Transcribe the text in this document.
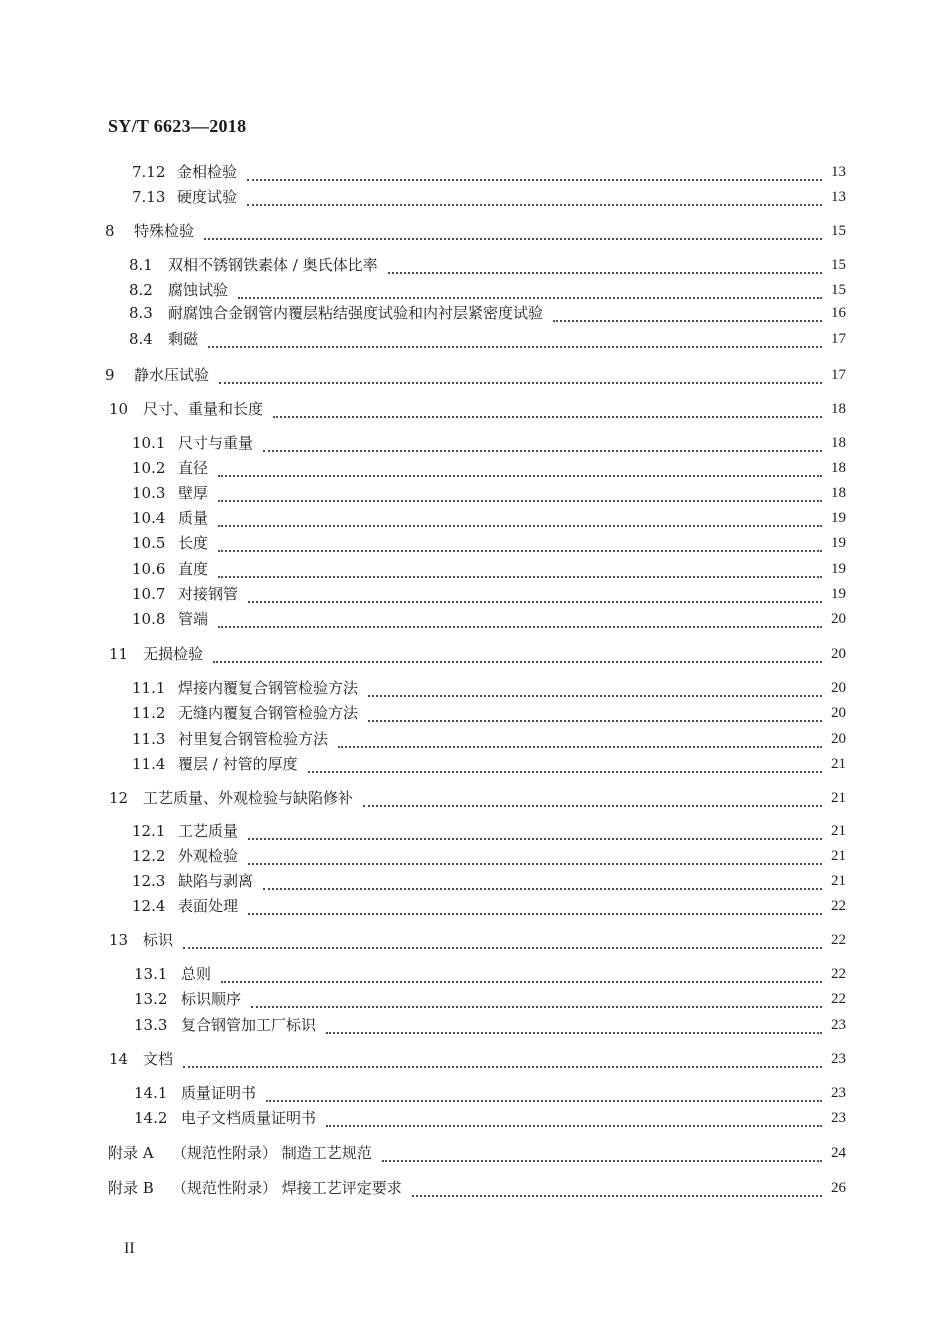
SY/T 6623—2018
7.12 金相检验	13
7.13 硬度试验	13
8 特殊检验	15
8.1 双相不锈钢铁素体 / 奥氏体比率	15
8.2 腐蚀试验	15
8.3 耐腐蚀合金钢管内覆层粘结强度试验和内衬层紧密度试验	16
8.4 剩磁	17
9 静水压试验	17
10 尺寸、重量和长度	18
10.1 尺寸与重量	18
10.2 直径	18
10.3 壁厚	18
10.4 质量	19
10.5 长度	19
10.6 直度	19
10.7 对接钢管	19
10.8 管端	20
11 无损检验	20
11.1 焊接内覆复合钢管检验方法	20
11.2 无缝内覆复合钢管检验方法	20
11.3 衬里复合钢管检验方法	20
11.4 覆层 / 衬管的厚度	21
12 工艺质量、外观检验与缺陷修补	21
12.1 工艺质量	21
12.2 外观检验	21
12.3 缺陷与剥离	21
12.4 表面处理	22
13 标识	22
13.1 总则	22
13.2 标识顺序	22
13.3 复合钢管加工厂标识	23
14 文档	23
14.1 质量证明书	23
14.2 电子文档质量证明书	23
附录 A （规范性附录） 制造工艺规范	24
附录 B （规范性附录） 焊接工艺评定要求	26
II
